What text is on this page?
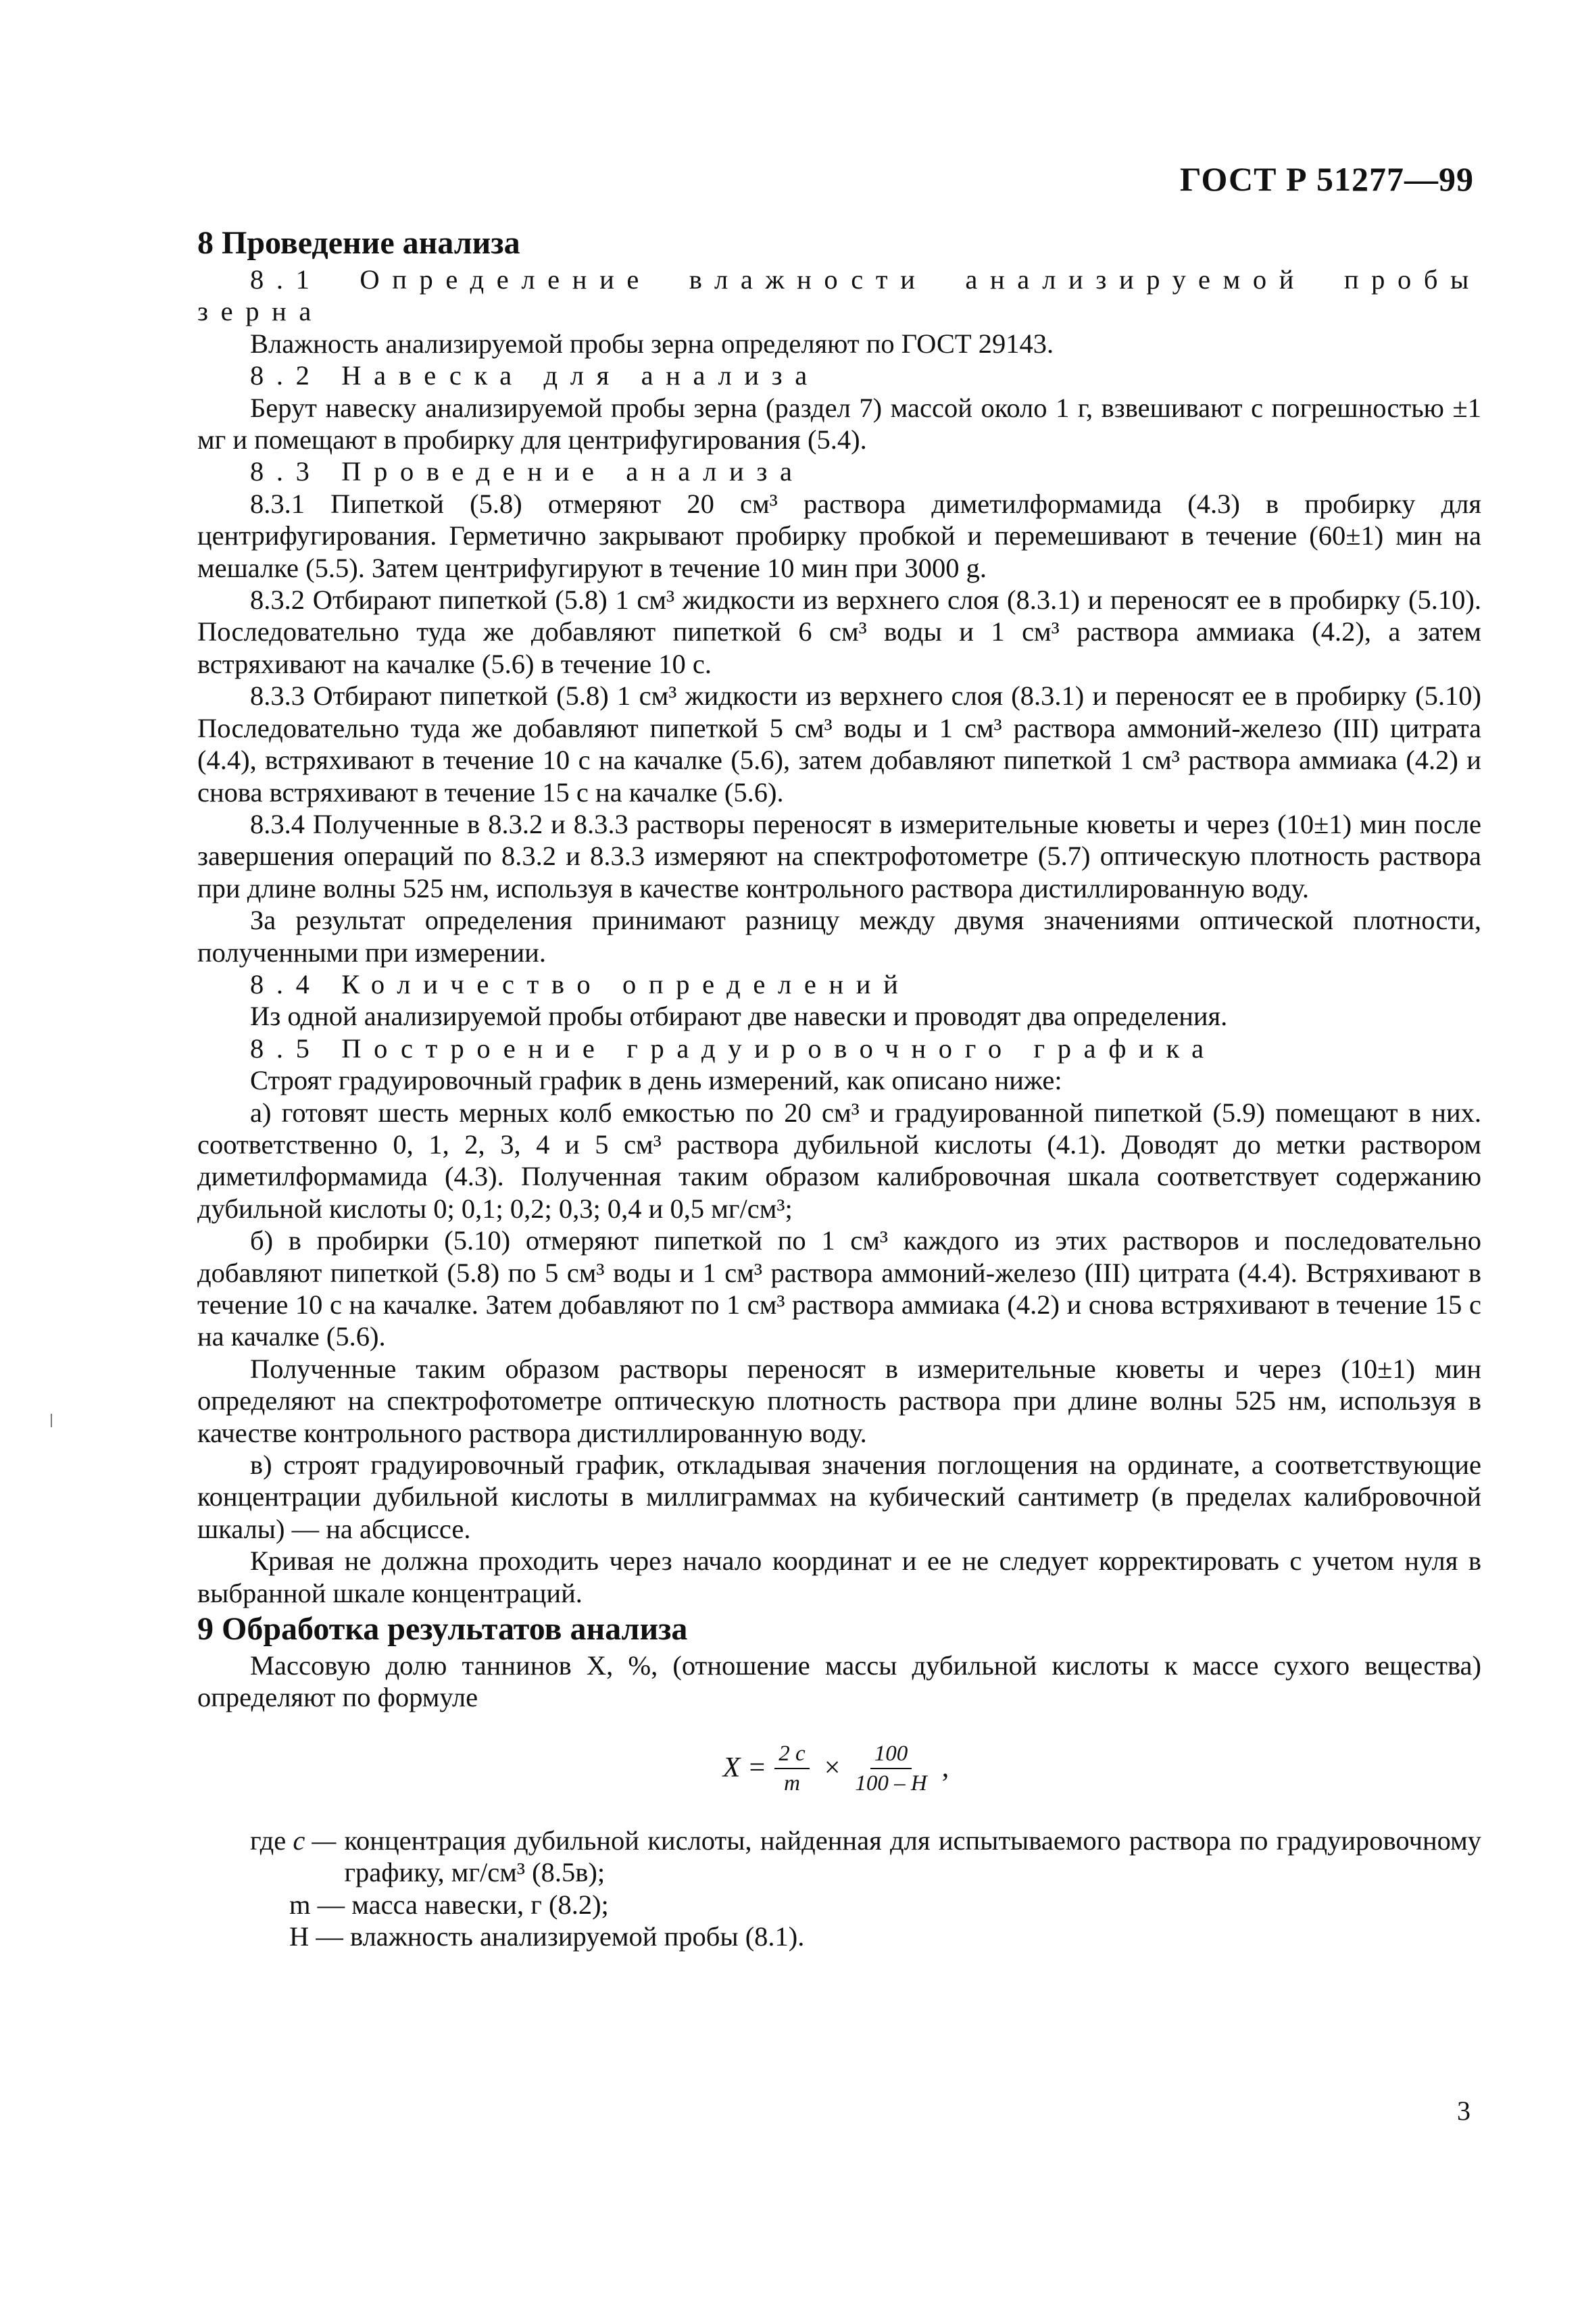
ГОСТ Р 51277—99
8 Проведение анализа

8.1 Определение влажности анализируемой пробы зерна

Влажность анализируемой пробы зерна определяют по ГОСТ 29143.

8.2 Навеска для анализа

Берут навеску анализируемой пробы зерна (раздел 7) массой около 1 г, взвешивают с погрешностью ±1 мг и помещают в пробирку для центрифугирования (5.4).

8.3 Проведение анализа

8.3.1 Пипеткой (5.8) отмеряют 20 см³ раствора диметилформамида (4.3) в пробирку для центрифугирования. Герметично закрывают пробирку пробкой и перемешивают в течение (60±1) мин на мешалке (5.5). Затем центрифугируют в течение 10 мин при 3000 g.

8.3.2 Отбирают пипеткой (5.8) 1 см³ жидкости из верхнего слоя (8.3.1) и переносят ее в пробирку (5.10). Последовательно туда же добавляют пипеткой 6 см³ воды и 1 см³ раствора аммиака (4.2), а затем встряхивают на качалке (5.6) в течение 10 с.

8.3.3 Отбирают пипеткой (5.8) 1 см³ жидкости из верхнего слоя (8.3.1) и переносят ее в пробирку (5.10) Последовательно туда же добавляют пипеткой 5 см³ воды и 1 см³ раствора аммоний-железо (III) цитрата (4.4), встряхивают в течение 10 с на качалке (5.6), затем добавляют пипеткой 1 см³ раствора аммиака (4.2) и снова встряхивают в течение 15 с на качалке (5.6).

8.3.4 Полученные в 8.3.2 и 8.3.3 растворы переносят в измерительные кюветы и через (10±1) мин после завершения операций по 8.3.2 и 8.3.3 измеряют на спектрофотометре (5.7) оптическую плотность раствора при длине волны 525 нм, используя в качестве контрольного раствора дистиллированную воду.

За результат определения принимают разницу между двумя значениями оптической плотности, полученными при измерении.

8.4 Количество определений

Из одной анализируемой пробы отбирают две навески и проводят два определения.

8.5 Построение градуировочного графика

Строят градуировочный график в день измерений, как описано ниже:

а) готовят шесть мерных колб емкостью по 20 см³ и градуированной пипеткой (5.9) помещают в них. соответственно 0, 1, 2, 3, 4 и 5 см³ раствора дубильной кислоты (4.1). Доводят до метки раствором диметилформамида (4.3). Полученная таким образом калибровочная шкала соответствует содержанию дубильной кислоты 0; 0,1; 0,2; 0,3; 0,4 и 0,5 мг/см³;

б) в пробирки (5.10) отмеряют пипеткой по 1 см³ каждого из этих растворов и последовательно добавляют пипеткой (5.8) по 5 см³ воды и 1 см³ раствора аммоний-железо (III) цитрата (4.4). Встряхивают в течение 10 с на качалке. Затем добавляют по 1 см³ раствора аммиака (4.2) и снова встряхивают в течение 15 с на качалке (5.6).

Полученные таким образом растворы переносят в измерительные кюветы и через (10±1) мин определяют на спектрофотометре оптическую плотность раствора при длине волны 525 нм, используя в качестве контрольного раствора дистиллированную воду.

в) строят градуировочный график, откладывая значения поглощения на ординате, а соответствующие концентрации дубильной кислоты в миллиграммах на кубический сантиметр (в пределах калибровочной шкалы) — на абсциссе.

Кривая не должна проходить через начало координат и ее не следует корректировать с учетом нуля в выбранной шкале концентраций.

9 Обработка результатов анализа

Массовую долю таннинов X, %, (отношение массы дубильной кислоты к массе сухого вещества) определяют по формуле

$X = \frac{2 c}{m} \times \frac{100}{100 - H}$ ,
где c — концентрация дубильной кислоты, найденная для испытываемого раствора по градуировочному графику, мг/см³ (8.5в);

m — масса навески, г (8.2);

H — влажность анализируемой пробы (8.1).

3
